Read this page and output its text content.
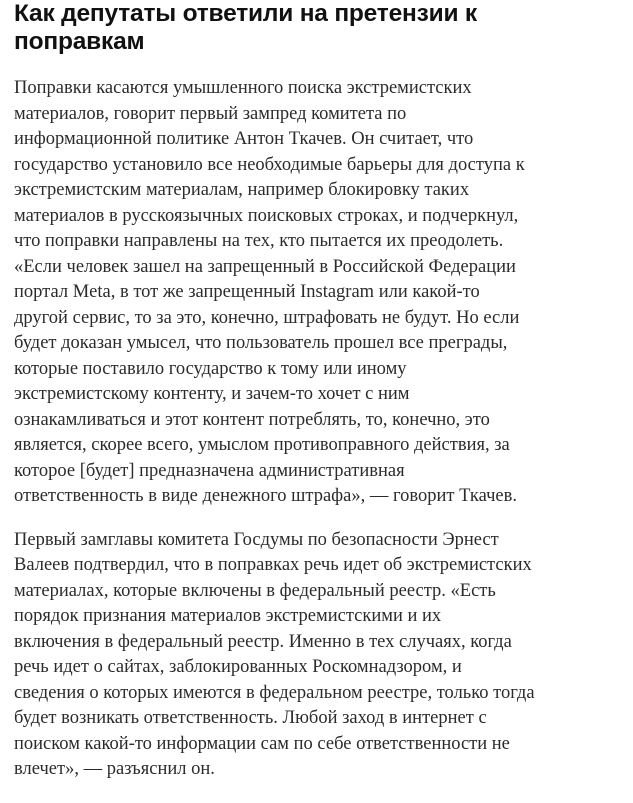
Как депутаты ответили на претензии к
поправкам

Поправки касаются умышленного поиска экстремистских
материалов, говорит первый зампред комитета по
информационной политике Антон Ткачев. Он считает, что
государство установило все необходимые барьеры для доступа к
экстремистским материалам, например блокировку таких
материалов в русскоязычных поисковых строках, и подчеркнул,
что поправки направлены на тех, кто пытается их преодолеть.
«Если человек зашел на запрещенный в Российской Федерации
портал Meta, в тот же запрещенный Instagram или какой-то
другой сервис, то за это, конечно, штрафовать не будут. Но если
будет доказан умысел, что пользователь прошел все преграды,
которые поставило государство к тому или иному
экстремистскому контенту, и зачем-то хочет с ним
ознакамливаться и этот контент потреблять, то, конечно, это
является, скорее всего, умыслом противоправного действия, за
которое [будет] предназначена административная
ответственность в виде денежного штрафа», — говорит Ткачев.

Первый замглавы комитета Госдумы по безопасности Эрнест
Валеев подтвердил, что в поправках речь идет об экстремистских
материалах, которые включены в федеральный реестр. «Есть
порядок признания материалов экстремистскими и их
включения в федеральный реестр. Именно в тех случаях, когда
речь идет о сайтах, заблокированных Роскомнадзором, и
сведения о которых имеются в федеральном реестре, только тогда
будет возникать ответственность. Любой заход в интернет с
поиском какой-то информации сам по себе ответственности не
влечет», — разъяснил он.
